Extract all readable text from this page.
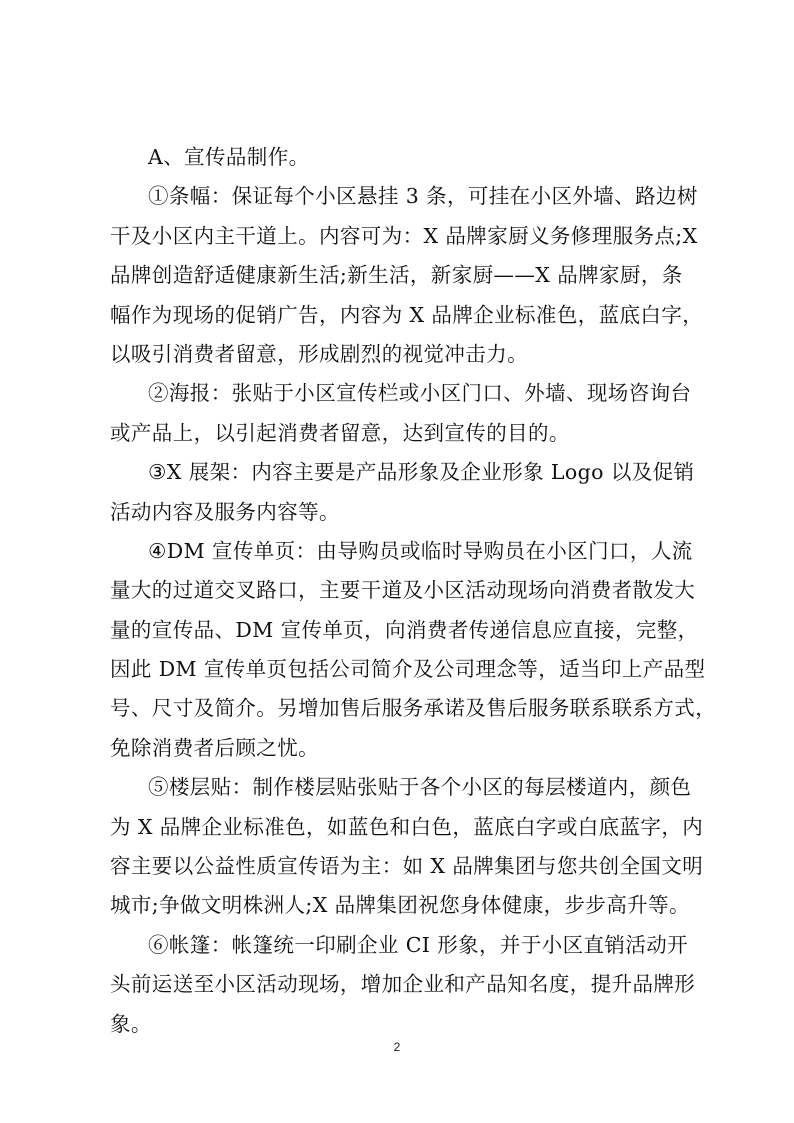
A、宣传品制作。

①条幅：保证每个小区悬挂 3 条，可挂在小区外墙、路边树
干及小区内主干道上。内容可为：X 品牌家厨义务修理服务点;X
品牌创造舒适健康新生活;新生活，新家厨——X 品牌家厨，条
幅作为现场的促销广告，内容为 X 品牌企业标准色，蓝底白字，
以吸引消费者留意，形成剧烈的视觉冲击力。

②海报：张贴于小区宣传栏或小区门口、外墙、现场咨询台
或产品上，以引起消费者留意，达到宣传的目的。

③X 展架：内容主要是产品形象及企业形象 Logo 以及促销
活动内容及服务内容等。

④DM 宣传单页：由导购员或临时导购员在小区门口，人流
量大的过道交叉路口，主要干道及小区活动现场向消费者散发大
量的宣传品、DM 宣传单页，向消费者传递信息应直接，完整，
因此 DM 宣传单页包括公司简介及公司理念等，适当印上产品型
号、尺寸及简介。另增加售后服务承诺及售后服务联系联系方式，
免除消费者后顾之忧。

⑤楼层贴：制作楼层贴张贴于各个小区的每层楼道内，颜色
为 X 品牌企业标准色，如蓝色和白色，蓝底白字或白底蓝字，内
容主要以公益性质宣传语为主：如 X 品牌集团与您共创全国文明
城市;争做文明株洲人;X 品牌集团祝您身体健康，步步高升等。

⑥帐篷：帐篷统一印刷企业 CI 形象，并于小区直销活动开
头前运送至小区活动现场，增加企业和产品知名度，提升品牌形
象。

2
